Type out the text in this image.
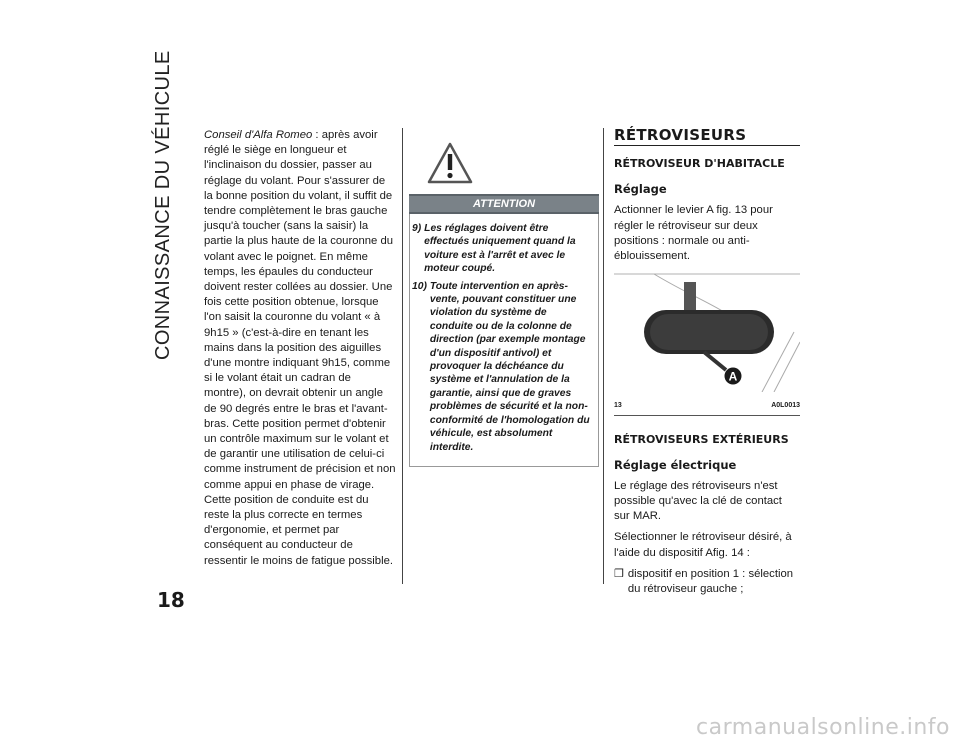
CONNAISSANCE DU VÉHICULE
18
Conseil d'Alfa Romeo : après avoir réglé le siège en longueur et l'inclinaison du dossier, passer au réglage du volant. Pour s'assurer de la bonne position du volant, il suffit de tendre complètement le bras gauche jusqu'à toucher (sans la saisir) la partie la plus haute de la couronne du volant avec le poignet. En même temps, les épaules du conducteur doivent rester collées au dossier. Une fois cette position obtenue, lorsque l'on saisit la couronne du volant « à 9h15 » (c'est-à-dire en tenant les mains dans la position des aiguilles d'une montre indiquant 9h15, comme si le volant était un cadran de montre), on devrait obtenir un angle de 90 degrés entre le bras et l'avant-bras. Cette position permet d'obtenir un contrôle maximum sur le volant et de garantir une utilisation de celui-ci comme instrument de précision et non comme appui en phase de virage. Cette position de conduite est du reste la plus correcte en termes d'ergonomie, et permet par conséquent au conducteur de ressentir le moins de fatigue possible.
ATTENTION
9) Les réglages doivent être effectués uniquement quand la voiture est à l'arrêt et avec le moteur coupé.
10) Toute intervention en après-vente, pouvant constituer une violation du système de conduite ou de la colonne de direction (par exemple montage d'un dispositif antivol) et provoquer la déchéance du système et l'annulation de la garantie, ainsi que de graves problèmes de sécurité et la non-conformité de l'homologation du véhicule, est absolument interdite.
RÉTROVISEURS
RÉTROVISEUR D'HABITACLE
Réglage

Actionner le levier A fig. 13 pour régler le rétroviseur sur deux positions : normale ou anti-éblouissement.

A
13	A0L0013
RÉTROVISEURS EXTÉRIEURS
Réglage électrique

Le réglage des rétroviseurs n'est possible qu'avec la clé de contact sur MAR.

Sélectionner le rétroviseur désiré, à l'aide du dispositif Afig. 14 :

❒ dispositif en position 1 : sélection du rétroviseur gauche ;
carmanualsonline.info
